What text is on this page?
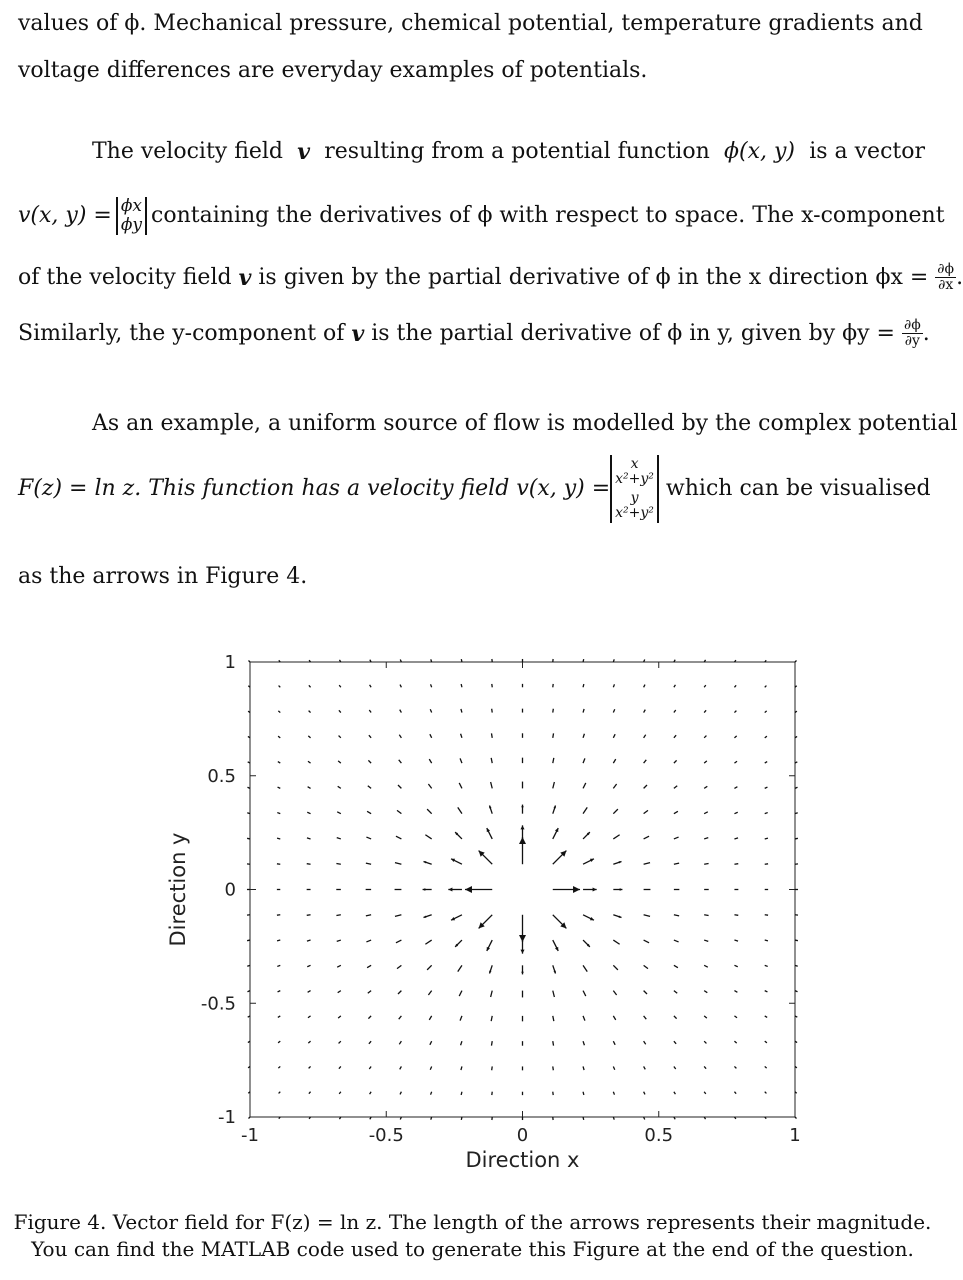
values of ϕ. Mechanical pressure, chemical potential, temperature gradients and
voltage differences are everyday examples of potentials.
The velocity field v resulting from a potential function ϕ(x, y) is a vector
v(x, y) = ϕx
ϕy containing the derivatives of ϕ with respect to space. The x-component
of the velocity field
v
is given by the partial derivative of ϕ in the x direction ϕx =
$\frac{\partial\phi}{\partial x}$ .
Similarly, the y-component of
v
is the partial derivative of ϕ in y, given by ϕy =
$\frac{\partial\phi}{\partial y}$ .
As an example, a uniform source of flow is modelled by the complex potential
F(z) = ln z. This function has a velocity field
v(x, y) =
x
x²+y²
y
x²+y²

which can be visualised
as the arrows in Figure 4.
-1	-0.5	0	0.5	1
1
0.5
0
-0.5
-1
Direction x
Direction y
Figure 4. Vector field for F(z) = ln z. The length of the arrows represents their magnitude.
You can find the MATLAB code used to generate this Figure at the end of the question.
